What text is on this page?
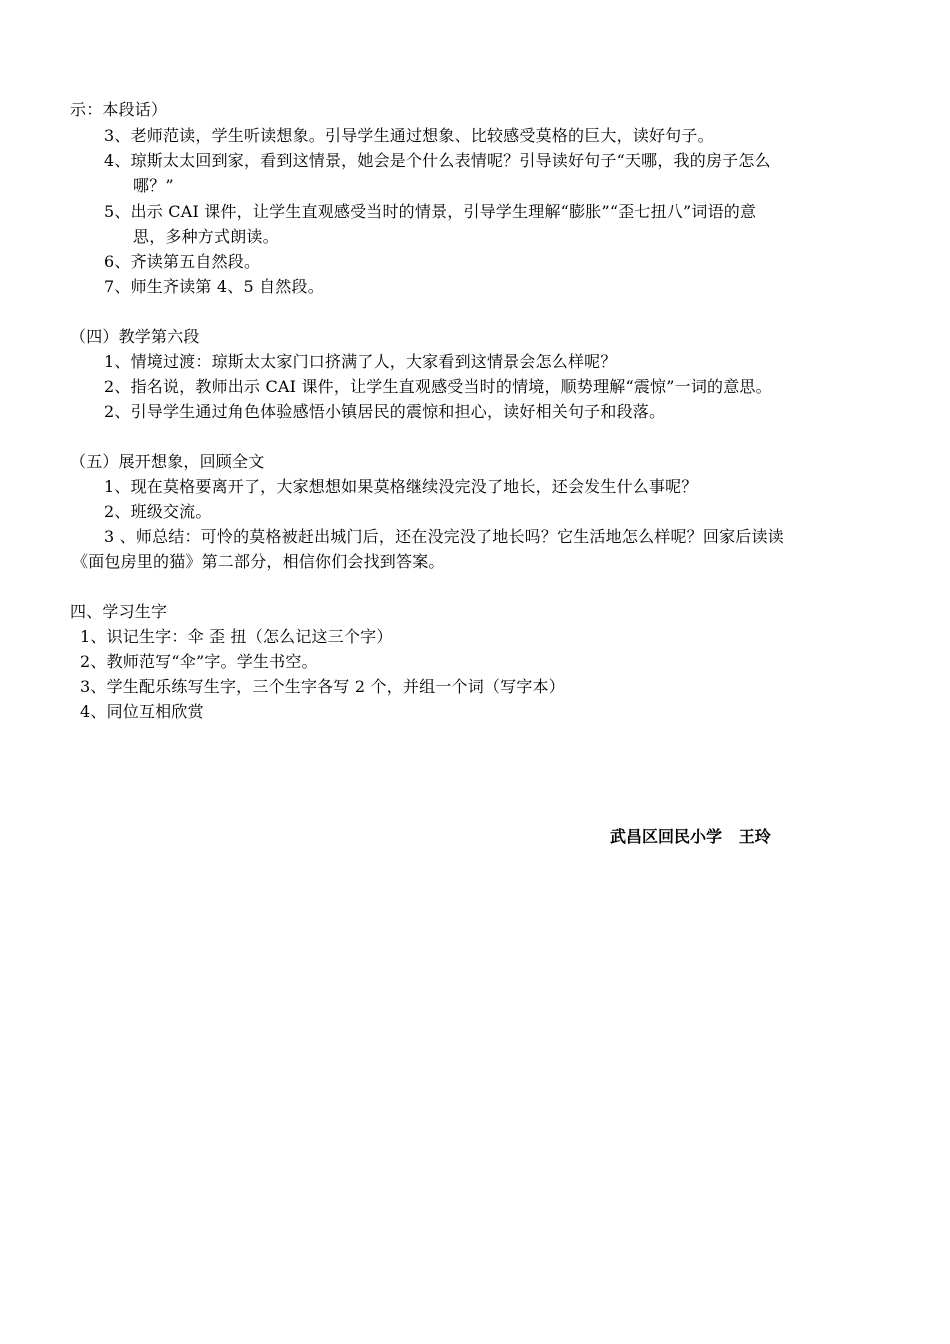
示：本段话）
3、老师范读，学生听读想象。引导学生通过想象、比较感受莫格的巨大，读好句子。
4、琼斯太太回到家，看到这情景，她会是个什么表情呢？引导读好句子“天哪，我的房子怎么
哪？”
5、出示 CAI 课件，让学生直观感受当时的情景，引导学生理解“膨胀”“歪七扭八”词语的意
思，多种方式朗读。
6、齐读第五自然段。
7、师生齐读第 4、5 自然段。
（四）教学第六段
1、情境过渡：琼斯太太家门口挤满了人，大家看到这情景会怎么样呢？
2、指名说，教师出示 CAI 课件，让学生直观感受当时的情境，顺势理解“震惊”一词的意思。
2、引导学生通过角色体验感悟小镇居民的震惊和担心，读好相关句子和段落。
（五）展开想象，回顾全文
1、现在莫格要离开了，大家想想如果莫格继续没完没了地长，还会发生什么事呢？
2、班级交流。
3 、师总结：可怜的莫格被赶出城门后，还在没完没了地长吗？它生活地怎么样呢？回家后读读
《面包房里的猫》第二部分，相信你们会找到答案。
四、学习生字
1、识记生字：伞 歪 扭（怎么记这三个字）
2、教师范写“伞”字。学生书空。
3、学生配乐练写生字，三个生字各写 2 个，并组一个词（写字本）
4、同位互相欣赏
武昌区回民小学   王玲
